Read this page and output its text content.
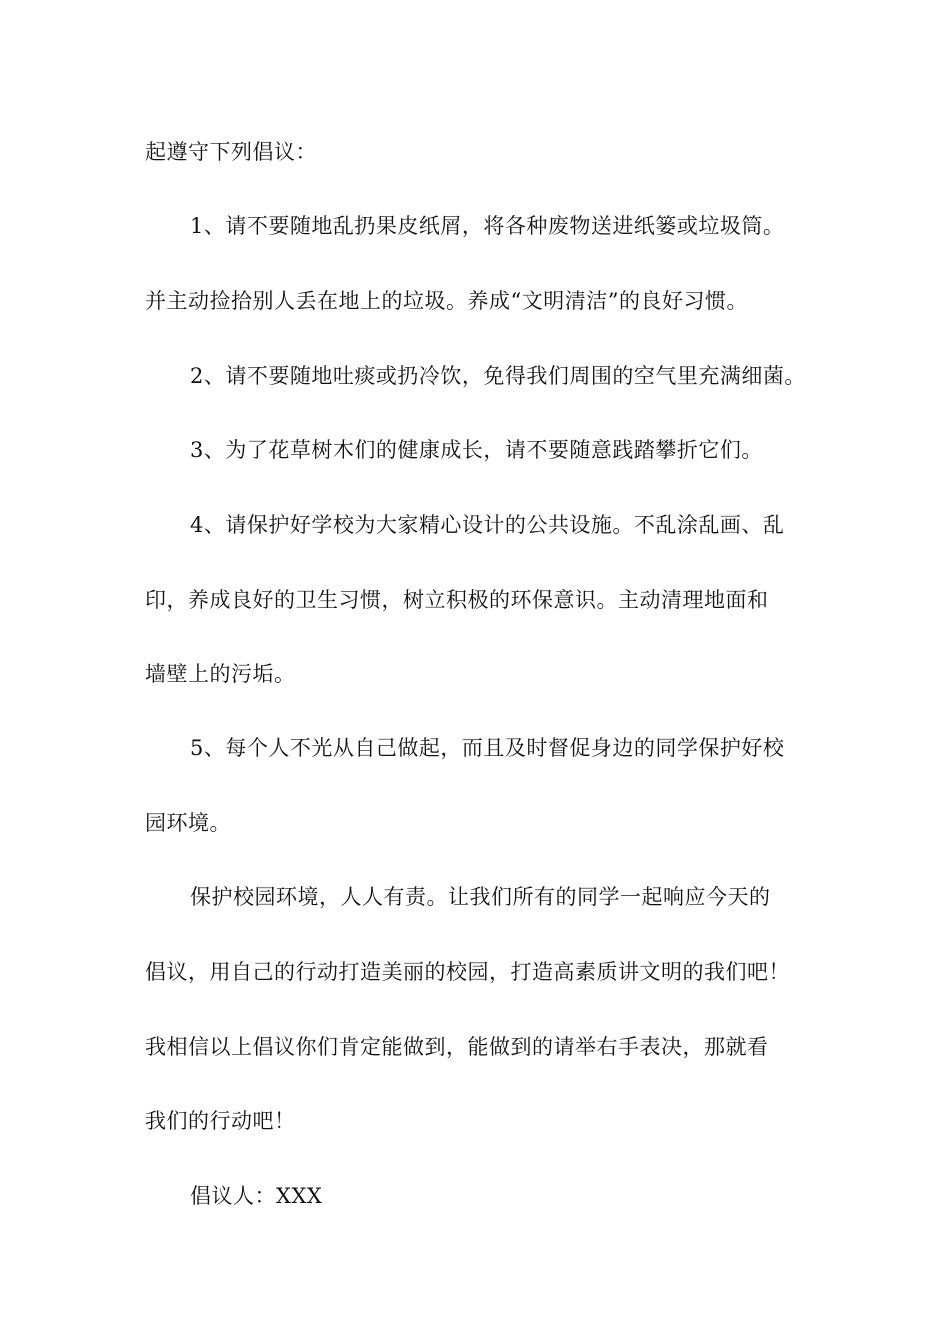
起遵守下列倡议：
1、请不要随地乱扔果皮纸屑，将各种废物送进纸篓或垃圾筒。
并主动捡拾别人丢在地上的垃圾。养成“文明清洁”的良好习惯。
2、请不要随地吐痰或扔冷饮，免得我们周围的空气里充满细菌。
3、为了花草树木们的健康成长，请不要随意践踏攀折它们。
4、请保护好学校为大家精心设计的公共设施。不乱涂乱画、乱
印，养成良好的卫生习惯，树立积极的环保意识。主动清理地面和
墙壁上的污垢。
5、每个人不光从自己做起，而且及时督促身边的同学保护好校
园环境。
保护校园环境，人人有责。让我们所有的同学一起响应今天的
倡议，用自己的行动打造美丽的校园，打造高素质讲文明的我们吧！
我相信以上倡议你们肯定能做到，能做到的请举右手表决，那就看
我们的行动吧！
倡议人：XXX
